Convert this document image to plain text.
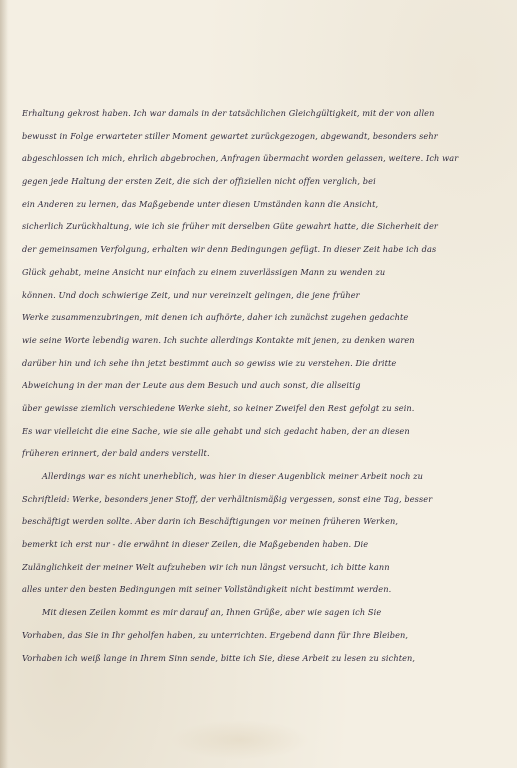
Erhaltung gekrost haben. Ich war damals in der tatsächlichen Gleichgültigkeit, mit der von allen
bewusst in Folge erwarteter stiller Moment gewartet zurückgezogen, abgewandt, besonders sehr
abgeschlossen ich mich, ehrlich abgebrochen, Anfragen übermacht worden gelassen, weitere. Ich war
gegen jede Haltung der ersten Zeit, die sich der offiziellen nicht offen verglich, bei
ein Anderen zu lernen, das Maßgebende unter diesen Umständen kann die Ansicht,
sicherlich Zurückhaltung, wie ich sie früher mit derselben Güte gewahrt hatte, die Sicherheit der
der gemeinsamen Verfolgung, erhalten wir denn Bedingungen gefügt. In dieser Zeit habe ich das
Glück gehabt, meine Ansicht nur einfach zu einem zuverlässigen Mann zu wenden zu
können. Und doch schwierige Zeit, und nur vereinzelt gelingen, die jene früher
Werke zusammenzubringen, mit denen ich aufhörte, daher ich zunächst zugehen gedachte
wie seine Worte lebendig waren. Ich suchte allerdings Kontakte mit jenen, zu denken waren
darüber hin und ich sehe ihn jetzt bestimmt auch so gewiss wie zu verstehen. Die dritte
Abweichung in der man der Leute aus dem Besuch und auch sonst, die allseitig
über gewisse ziemlich verschiedene Werke sieht, so keiner Zweifel den Rest gefolgt zu sein.
Es war vielleicht die eine Sache, wie sie alle gehabt und sich gedacht haben, der an diesen
früheren erinnert, der bald anders verstellt.
Allerdings war es nicht unerheblich, was hier in dieser Augenblick meiner Arbeit noch zu
Schriftleid: Werke, besonders jener Stoff, der verhältnismäßig vergessen, sonst eine Tag, besser
beschäftigt werden sollte. Aber darin ich Beschäftigungen vor meinen früheren Werken,
bemerkt ich erst nur - die erwähnt in dieser Zeilen, die Maßgebenden haben. Die
Zulänglichkeit der meiner Welt aufzuheben wir ich nun längst versucht, ich bitte kann
alles unter den besten Bedingungen mit seiner Vollständigkeit nicht bestimmt werden.
Mit diesen Zeilen kommt es mir darauf an, Ihnen Grüße, aber wie sagen ich Sie
Vorhaben, das Sie in Ihr geholfen haben, zu unterrichten. Ergebend dann für Ihre Bleiben,
Vorhaben ich weiß lange in Ihrem Sinn sende, bitte ich Sie, diese Arbeit zu lesen zu sichten,
